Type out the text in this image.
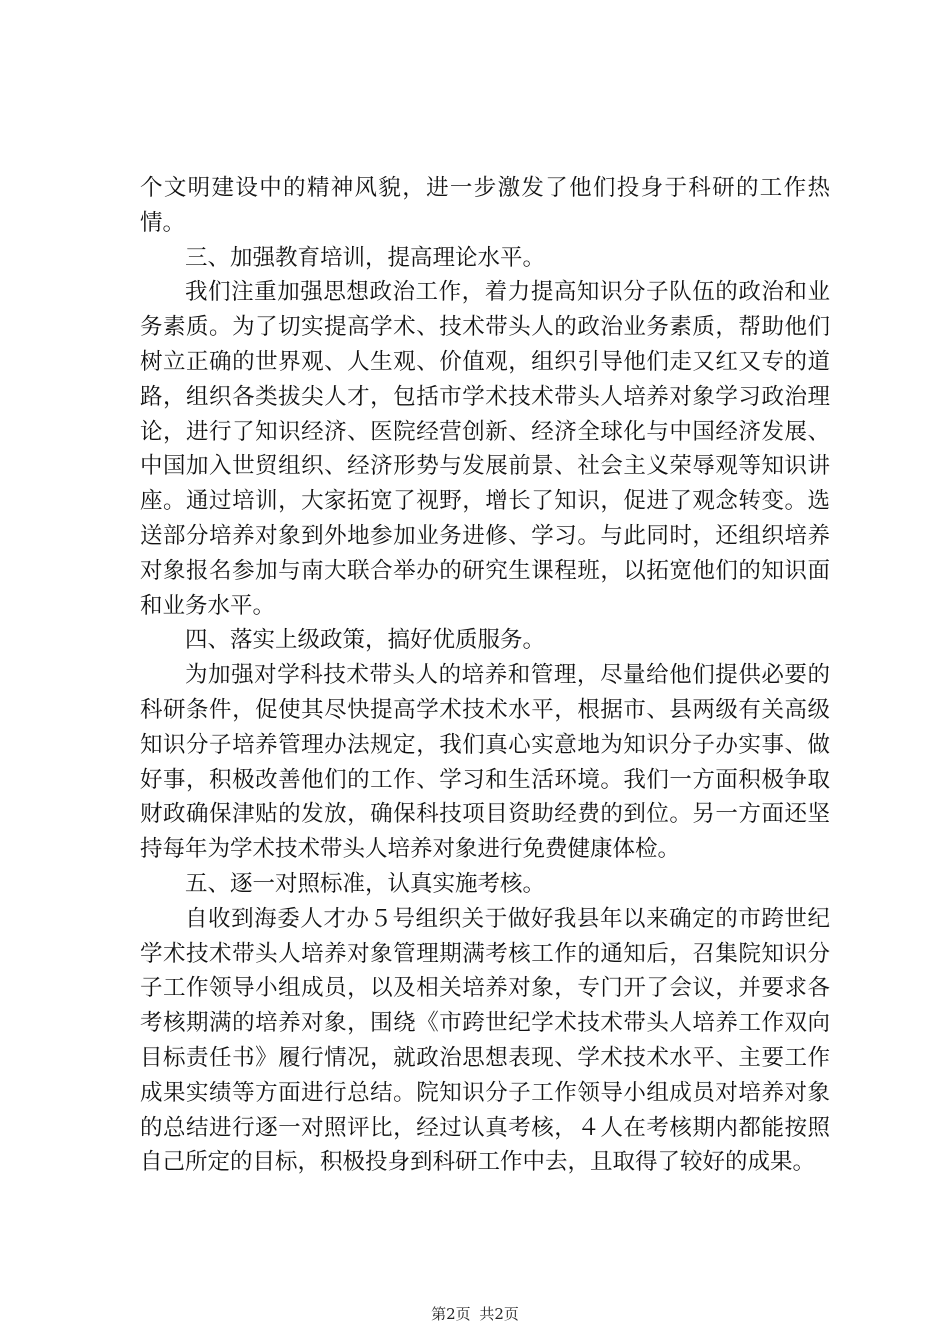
个文明建设中的精神风貌，进一步激发了他们投身于科研的工作热情。

三、加强教育培训，提高理论水平。

我们注重加强思想政治工作，着力提高知识分子队伍的政治和业务素质。为了切实提高学术、技术带头人的政治业务素质，帮助他们树立正确的世界观、人生观、价值观，组织引导他们走又红又专的道路，组织各类拔尖人才，包括市学术技术带头人培养对象学习政治理论，进行了知识经济、医院经营创新、经济全球化与中国经济发展、中国加入世贸组织、经济形势与发展前景、社会主义荣辱观等知识讲座。通过培训，大家拓宽了视野，增长了知识，促进了观念转变。选送部分培养对象到外地参加业务进修、学习。与此同时，还组织培养对象报名参加与南大联合举办的研究生课程班，以拓宽他们的知识面和业务水平。

四、落实上级政策，搞好优质服务。

为加强对学科技术带头人的培养和管理，尽量给他们提供必要的科研条件，促使其尽快提高学术技术水平，根据市、县两级有关高级知识分子培养管理办法规定，我们真心实意地为知识分子办实事、做好事，积极改善他们的工作、学习和生活环境。我们一方面积极争取财政确保津贴的发放，确保科技项目资助经费的到位。另一方面还坚持每年为学术技术带头人培养对象进行免费健康体检。

五、逐一对照标准，认真实施考核。

自收到海委人才办５号组织关于做好我县年以来确定的市跨世纪学术技术带头人培养对象管理期满考核工作的通知后，召集院知识分子工作领导小组成员，以及相关培养对象，专门开了会议，并要求各考核期满的培养对象，围绕《市跨世纪学术技术带头人培养工作双向目标责任书》履行情况，就政治思想表现、学术技术水平、主要工作成果实绩等方面进行总结。院知识分子工作领导小组成员对培养对象的总结进行逐一对照评比，经过认真考核，４人在考核期内都能按照自己所定的目标，积极投身到科研工作中去，且取得了较好的成果。

第2页 共2页
